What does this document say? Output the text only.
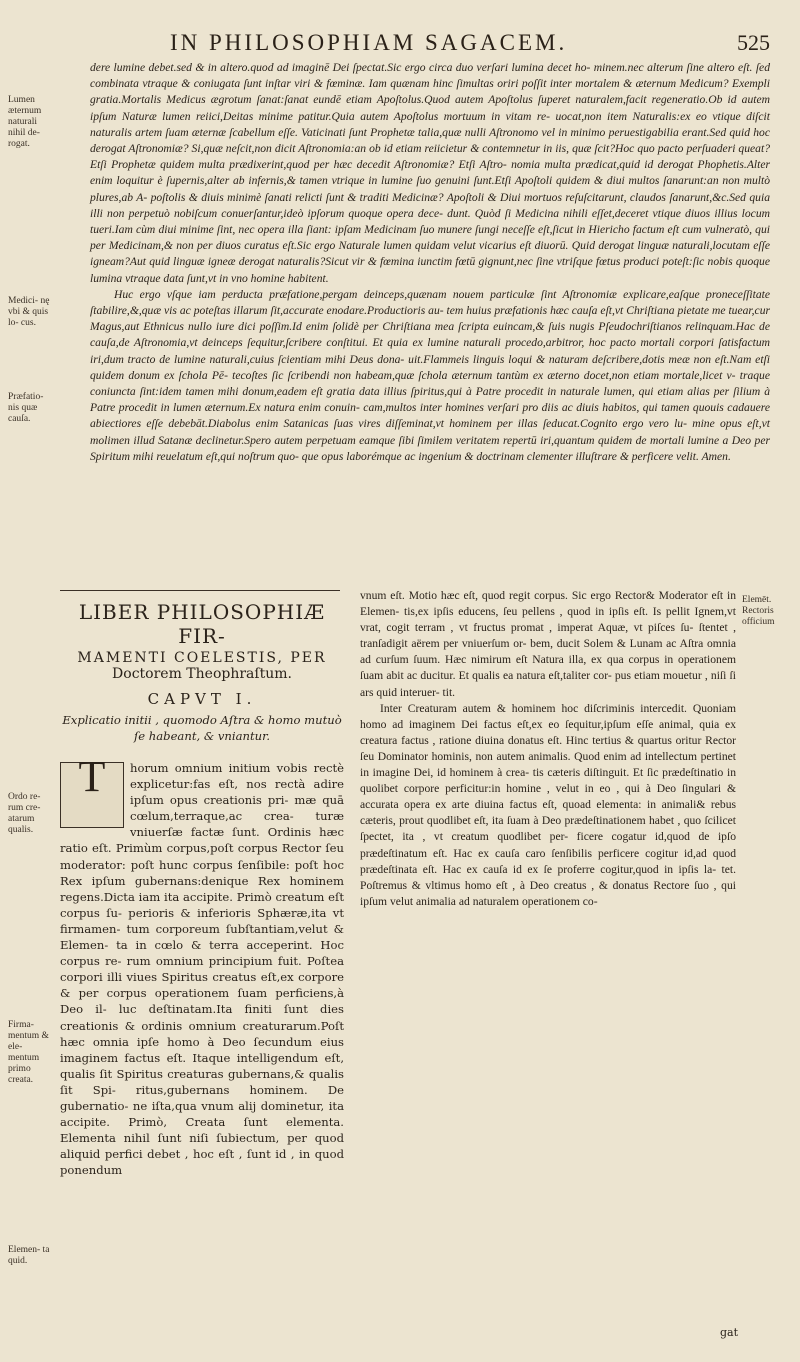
IN PHILOSOPHIAM SAGACEM.	525

dere lumine debet.sed & in altero.quod ad imaginē Dei ſpectat.Sic ergo circa duo verſari lumina decet ho- minem.nec alterum ſine altero eſt. ſed combinata vtraque & coniugata ſunt inſtar viri & fœminæ. Iam quænam hinc ſimultas oriri poſſit inter mortalem & æternum Medicum? Exempli gratia.Mortalis Medicus ægrotum ſanat:ſanat eundē etiam Apoſtolus.Quod autem Apoſtolus ſuperet naturalem,facit regeneratio.Ob id autem ipſum Naturæ lumen reiici,Deitas minime patitur.Quia autem Apoſtolus mortuum in vitam re- uocat,non item Naturalis:ex eo vtique diſcit naturalis artem ſuam æternæ ſcabellum eſſe. Vaticinati ſunt Prophetæ talia,quæ nulli Aſtronomo vel in minimo peruestigabilia erant.Sed quid hoc derogat Aſtronomiæ? Si,quæ neſcit,non dicit Aſtronomia:an ob id etiam reiicietur & contemnetur in iis, quæ ſcit?Hoc quo pacto perſuaderi queat?Etſi Prophetæ quidem multa prædixerint,quod per hæc decedit Aſtronomiæ? Etſi Aſtro- nomia multa prædicat,quid id derogat Phophetis.Alter enim loquitur è ſupernis,alter ab infernis,& tamen vtrique in lumine ſuo genuini ſunt.Etſi Apoſtoli quidem & diui multos ſanarunt:an non multò plures,ab A- poſtolis & diuis minimè ſanati relicti ſunt & traditi Medicinæ? Apoſtoli & Diui mortuos reſuſcitarunt, claudos ſanarunt,&c.Sed quia illi non perpetuò nobiſcum conuerſantur,ideò ipſorum quoque opera dece- dunt. Quòd ſi Medicina nihili eſſet,deceret vtique diuos illius locum tueri.Iam cùm diui minime ſint, nec opera illa ſiant: ipſam Medicinam ſuo munere ſungi neceſſe eſt,ſicut in Hiericho factum eſt cum vulneratò, qui per Medicinam,& non per diuos curatus eſt.Sic ergo Naturale lumen quidam velut vicarius eſt diuorū. Quid derogat linguæ naturali,locutam eſſe igneam?Aut quid linguæ igneæ derogat naturalis?Sicut vir & fœmina iunctim fœtū gignunt,nec ſine vtriſque fœtus produci poteſt:ſic nobis quoque lumina vtraque data ſunt,vt in vno homine habitent.

Huc ergo vſque iam perducta præfatione,pergam deinceps,quænam nouem particulæ ſint Aſtronomiæ explicare,eaſque proneceſſitate ſtabilire,&,quæ vis ac poteſtas illarum ſit,accurate enodare.Productioris au- tem huius præfationis hæc cauſa eſt,vt Chriſtiana pietate me tuear,cur Magus,aut Ethnicus nullo iure dici poſſim.Id enim ſolidè per Chriſtiana mea ſcripta euincam,& ſuis nugis Pſeudochriſtianos relinquam.Hac de cauſa,de Aſtronomia,vt deinceps ſequitur,ſcribere conſtitui. Et quia ex lumine naturali procedo,arbitror, hoc pacto mortali corpori ſatisfactum iri,dum tracto de lumine naturali,cuius ſcientiam mihi Deus dona- uit.Flammeis linguis loqui & naturam deſcribere,dotis meæ non eſt.Nam etſi quidem donum ex ſchola Pē- tecoſtes ſic ſcribendi non habeam,quæ ſchola æternum tantùm ex æterno docet,non etiam mortale,licet v- traque coniuncta ſint:idem tamen mihi donum,eadem eſt gratia data illius ſpiritus,qui à Patre procedit in naturale lumen, qui etiam alias per ſilium à Patre procedit in lumen æternum.Ex natura enim conuin- cam,multos inter homines verſari pro diis ac diuis habitos, qui tamen quouis cadauere abiectiores eſſe debebāt.Diabolus enim Satanicas ſuas vires diſſeminat,vt hominem per illas ſeducat.Cognito ergo vero lu- mine opus eſt,vt molimen illud Satanæ declinetur.Spero autem perpetuam eamque ſibi ſimilem veritatem repertū iri,quantum quidem de mortali lumine a Deo per Spiritum mihi reuelatum eſt,qui noſtrum quo- que opus laborémque ac ingenium & doctrinam clementer illuſtrare & perficere velit. Amen.

Lumen æternum naturali nihil de- rogat.
Medici- nę vbi & quis lo- cus.
Præfatio- nis quæ cauſa.
Ordo re- rum cre- atarum qualis.
Firma- mentum & ele- mentum primo creata.
Elemen- ta quid.
Elemēt. Rectoris officium
LIBER PHILOSOPHIÆ FIR-
MAMENTI COELESTIS, PER
Doctorem Theophraſtum.
CAPVT I.
Explicatio initii , quomodo Aſtra & homo mutuò ſe habeant, & vniantur.
T	horum omnium initium vobis rectè explicetur:fas eſt, nos rectà adire ipſum opus creationis pri- mæ quā cœlum,terraque,ac crea- turæ vniuerſæ factæ ſunt. Ordinis hæc ratio eſt. Primùm corpus,poſt corpus Rector ſeu moderator: poſt hunc corpus ſenſibile: poſt hoc Rex ipſum gubernans:denique Rex hominem regens.Dicta iam ita accipite. Primò creatum eſt corpus ſu- perioris & inferioris Sphæræ,ita vt firmamen- tum corporeum ſubſtantiam,velut & Elemen- ta in cœlo & terra acceperint. Hoc corpus re- rum omnium principium fuit. Poſtea corpori illi viues Spiritus creatus eſt,ex corpore & per corpus operationem ſuam perficiens,à Deo il- luc deſtinatam.Ita finiti ſunt dies creationis & ordinis omnium creaturarum.Poſt hæc omnia ipſe homo à Deo ſecundum eius imaginem factus eſt. Itaque intelligendum eſt, qualis ſit Spiritus creaturas gubernans,& qualis ſit Spi- ritus,gubernans hominem. De gubernatio- ne iſta,qua vnum alij dominetur, ita accipite. Primò, Creata ſunt elementa. Elementa nihil ſunt niſi ſubiectum, per quod aliquid perfici debet , hoc eſt , ſunt id , in quod ponendum

vnum eſt. Motio hæc eſt, quod regit corpus. Sic ergo Rector& Moderator eſt in Elemen- tis,ex ipſis educens, ſeu pellens , quod in ipſis eſt. Is pellit Ignem,vt vrat, cogit terram , vt fructus promat , imperat Aquæ, vt piſces ſu- ſtentet , tranſadigit aërem per vniuerſum or- bem, ducit Solem & Lunam ac Aſtra omnia ad curſum ſuum. Hæc nimirum eſt Natura illa, ex qua corpus in operationem ſuam abit ac ducitur. Et qualis ea natura eſt,taliter cor- pus etiam mouetur , niſi ſi ars quid interuer- tit.

Inter Creaturam autem & hominem hoc diſcriminis intercedit. Quoniam homo ad imaginem Dei factus eſt,ex eo ſequitur,ipſum eſſe animal, quia ex creatura factus , ratione diuina donatus eſt. Hinc tertius & quartus oritur Rector ſeu Dominator hominis, non autem animalis. Quod enim ad intellectum pertinet in imagine Dei, id hominem à crea- tis cæteris diſtinguit. Et ſic prædeſtinatio in quolibet corpore perficitur:in homine , velut in eo , qui à Deo ſingulari & accurata opera ex arte diuina factus eſt, quoad elementa: in animali& rebus cæteris, prout quodlibet eſt, ita ſuam à Deo prædeſtinationem habet , quo ſcilicet ſpectet, ita , vt creatum quodlibet per- ficere cogatur id,quod de ipſo prædeſtinatum eſt. Hac ex cauſa caro ſenſibilis perficere cogitur id,ad quod prædeſtinata eſt. Hac ex cauſa id ex ſe proferre cogitur,quod in ipſis la- tet. Poſtremus & vltimus homo eſt , à Deo creatus , & donatus Rectore ſuo , qui ipſum velut animalia ad naturalem operationem co-

gat
